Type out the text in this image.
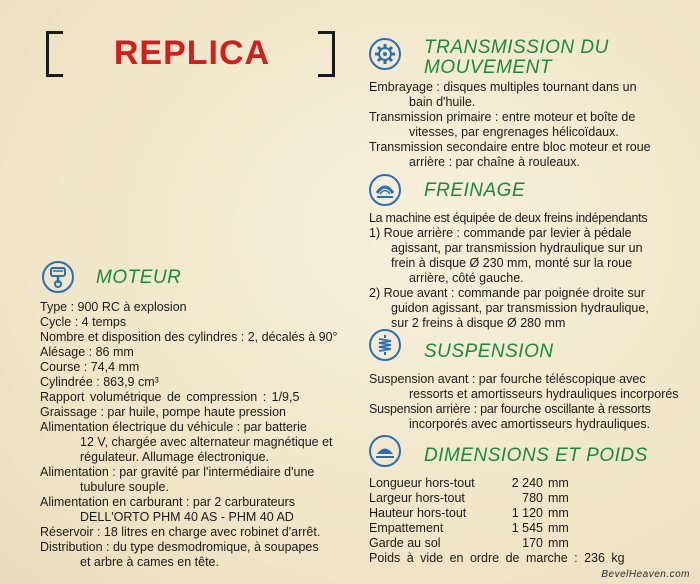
REPLICA
MOTEUR
Type : 900 RC à explosion
Cycle : 4 temps
Nombre et disposition des cylindres : 2, décalés à 90°
Alésage : 86 mm
Course : 74,4 mm
Cylindrée : 863,9 cm³
Rapport volumétrique de compression : 1/9,5
Graissage : par huile, pompe haute pression
Alimentation électrique du véhicule : par batterie
12 V, chargée avec alternateur magnétique et
régulateur. Allumage électronique.
Alimentation : par gravité par l'intermédiaire d'une
tubulure souple.
Alimentation en carburant : par 2 carburateurs
DELL'ORTO PHM 40 AS - PHM 40 AD
Réservoir : 18 litres en charge avec robinet d'arrêt.
Distribution : du type desmodromique, à soupapes
et arbre à cames en tête.
TRANSMISSION DU
MOUVEMENT
Embrayage : disques multiples tournant dans un
bain d'huile.
Transmission primaire : entre moteur et boîte de
vitesses, par engrenages hélicoïdaux.
Transmission secondaire entre bloc moteur et roue
arrière : par chaîne à rouleaux.
FREINAGE
La machine est équipée de deux freins indépendants
1) Roue arrière : commande par levier à pédale
agissant, par transmission hydraulique sur un
frein à disque Ø 230 mm, monté sur la roue
arrière, côté gauche.
2) Roue avant : commande par poignée droite sur
guidon agissant, par transmission hydraulique,
sur 2 freins à disque Ø 280 mm
SUSPENSION
Suspension avant : par fourche téléscopique avec
ressorts et amortisseurs hydrauliques incorporés
Suspension arrière : par fourche oscillante à ressorts
incorporés avec amortisseurs hydrauliques.
DIMENSIONS ET POIDS
Longueur hors-tout	2 240 mm
Largeur hors-tout	780 mm
Hauteur hors-tout	1 120 mm
Empattement	1 545 mm
Garde au sol	170 mm
Poids à vide en ordre de marche : 236 kg
BevelHeaven.com
